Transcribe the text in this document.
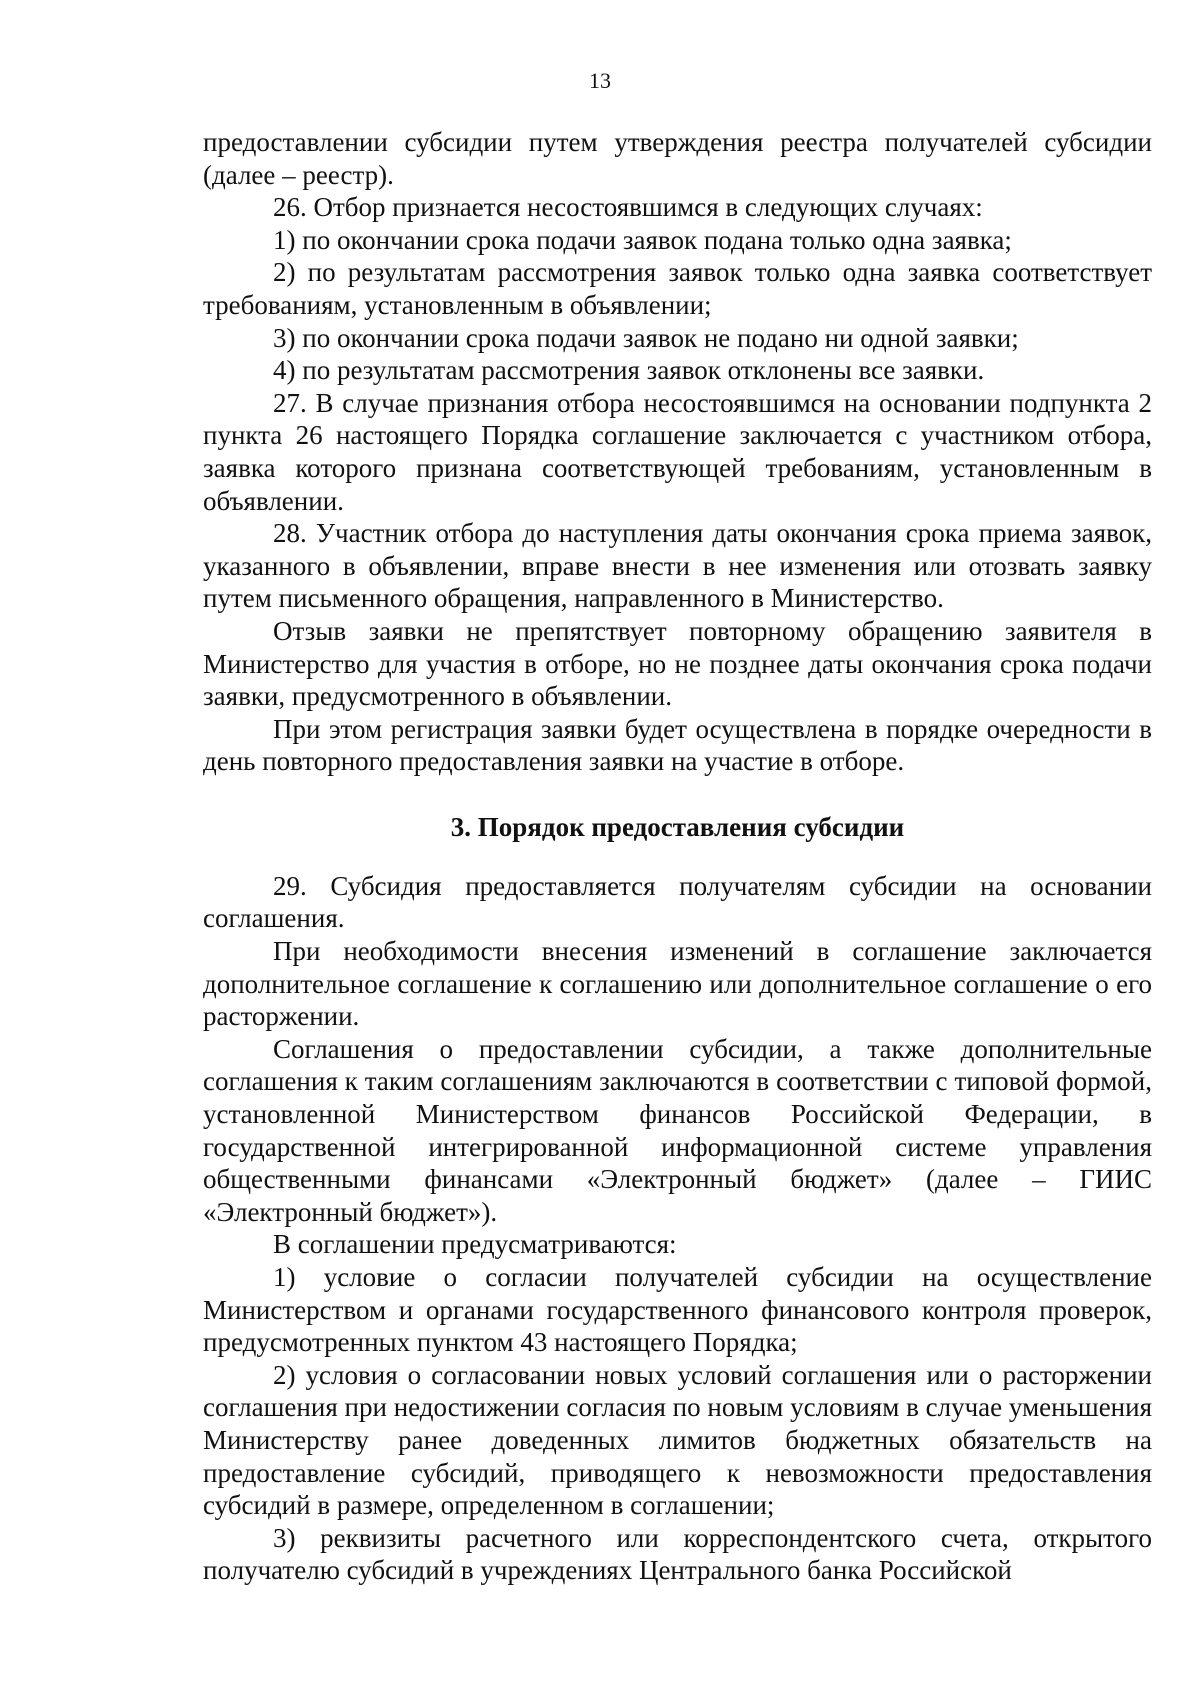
13

предоставлении субсидии путем утверждения реестра получателей субсидии (далее – реестр).

26. Отбор признается несостоявшимся в следующих случаях:

1) по окончании срока подачи заявок подана только одна заявка;

2) по результатам рассмотрения заявок только одна заявка соответствует требованиям, установленным в объявлении;

3) по окончании срока подачи заявок не подано ни одной заявки;

4) по результатам рассмотрения заявок отклонены все заявки.

27. В случае признания отбора несостоявшимся на основании подпункта 2 пункта 26 настоящего Порядка соглашение заключается с участником отбора, заявка которого признана соответствующей требованиям, установленным в объявлении.

28. Участник отбора до наступления даты окончания срока приема заявок, указанного в объявлении, вправе внести в нее изменения или отозвать заявку путем письменного обращения, направленного в Министерство.

Отзыв заявки не препятствует повторному обращению заявителя в Министерство для участия в отборе, но не позднее даты окончания срока подачи заявки, предусмотренного в объявлении.

При этом регистрация заявки будет осуществлена в порядке очередности в день повторного предоставления заявки на участие в отборе.

3. Порядок предоставления субсидии

29. Субсидия предоставляется получателям субсидии на основании соглашения.

При необходимости внесения изменений в соглашение заключается дополнительное соглашение к соглашению или дополнительное соглашение о его расторжении.

Соглашения о предоставлении субсидии, а также дополнительные соглашения к таким соглашениям заключаются в соответствии с типовой формой, установленной Министерством финансов Российской Федерации, в государственной интегрированной информационной системе управления общественными финансами «Электронный бюджет» (далее – ГИИС «Электронный бюджет»).

В соглашении предусматриваются:

1) условие о согласии получателей субсидии на осуществление Министерством и органами государственного финансового контроля проверок, предусмотренных пунктом 43 настоящего Порядка;

2) условия о согласовании новых условий соглашения или о расторжении соглашения при недостижении согласия по новым условиям в случае уменьшения Министерству ранее доведенных лимитов бюджетных обязательств на предоставление субсидий, приводящего к невозможности предоставления субсидий в размере, определенном в соглашении;

3) реквизиты расчетного или корреспондентского счета, открытого получателю субсидий в учреждениях Центрального банка Российской
